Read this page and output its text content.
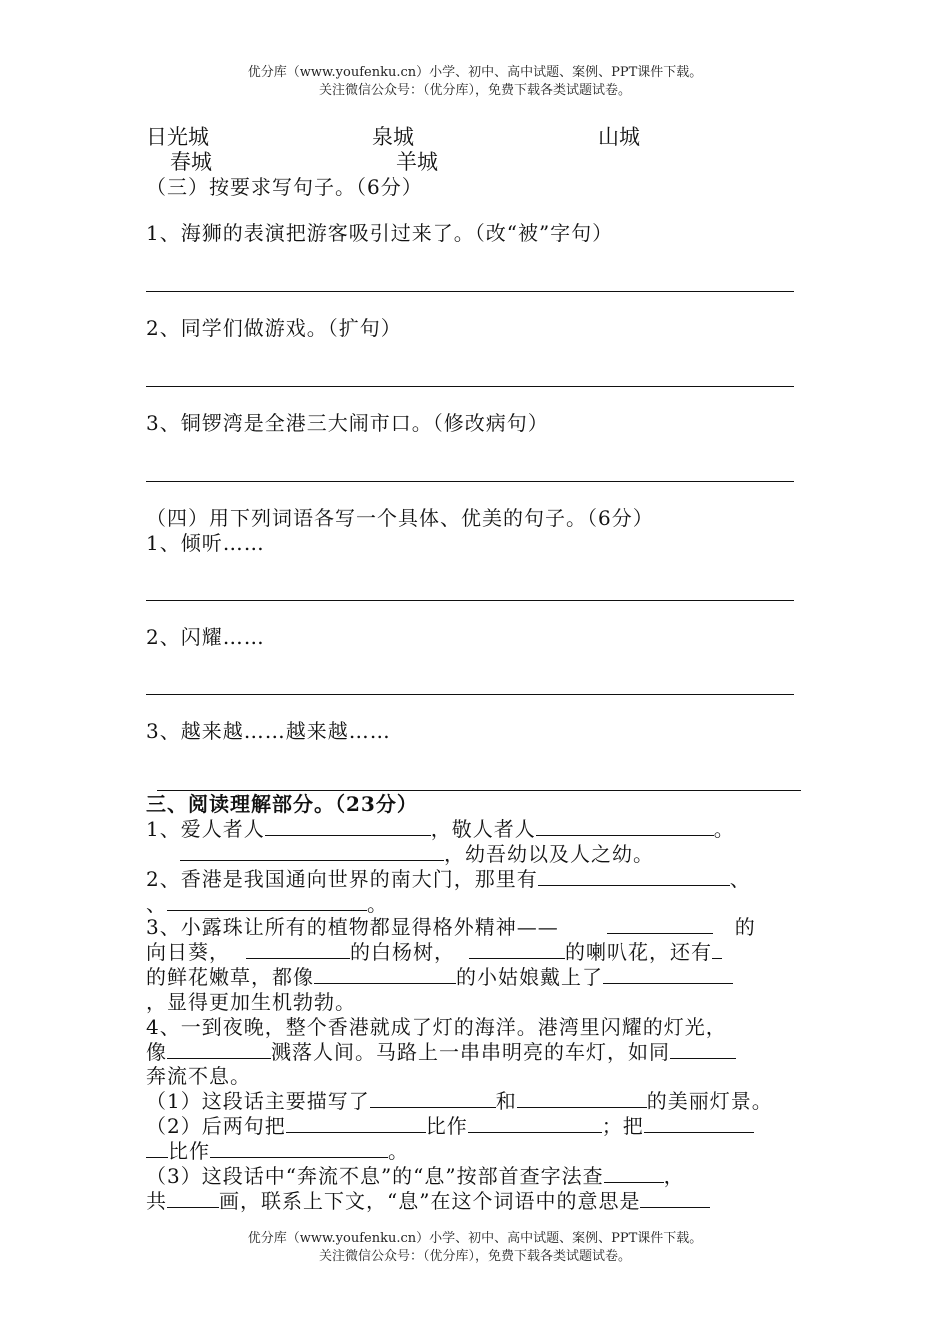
优分库（www.youfenku.cn）小学、初中、高中试题、案例、PPT课件下载。
关注微信公众号：（优分库），免费下载各类试题试卷。
日光城	泉城	山城
春城	羊城
（三）按要求写句子。（6分）
1、海狮的表演把游客吸引过来了。（改“被”字句）
2、同学们做游戏。（扩句）
3、铜锣湾是全港三大闹市口。（修改病句）
（四）用下列词语各写一个具体、优美的句子。（6分）
1、倾听……
2、闪耀……
3、越来越……越来越……
三、阅读理解部分。（23分）
1、爱人者人	，敬人者人	。
，幼吾幼以及人之幼。
2、香港是我国通向世界的南大门，那里有	、
、	。
3、小露珠让所有的植物都显得格外精神——	的
向日葵，	的白杨树，	的喇叭花，还有
的鲜花嫩草，都像	的小姑娘戴上了
，显得更加生机勃勃。
4、一到夜晚，整个香港就成了灯的海洋。港湾里闪耀的灯光，
像	溅落人间。马路上一串串明亮的车灯，如同
奔流不息。
（1）这段话主要描写了	和	的美丽灯景。
（2）后两句把	比作	；把
比作	。
（3）这段话中“奔流不息”的“息”按部首查字法查	，
共	画，联系上下文，“息”在这个词语中的意思是
优分库（www.youfenku.cn）小学、初中、高中试题、案例、PPT课件下载。
关注微信公众号：（优分库），免费下载各类试题试卷。
